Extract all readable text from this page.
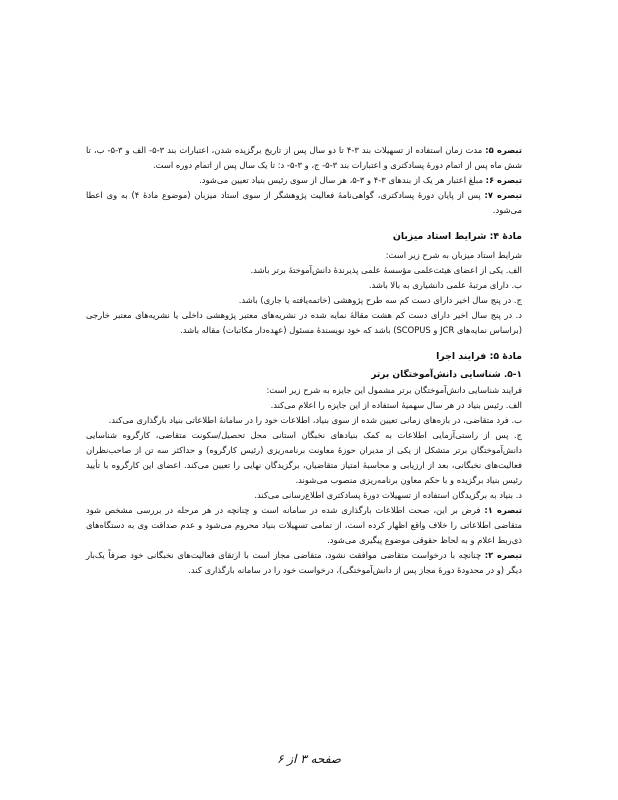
تبصره ۵: مدت زمان استفاده از تسهیلات بند ۳-۴ تا دو سال پس از تاریخ برگزیده شدن، اعتبارات بند ۳-۵- الف و ۳-۵- ب، تا شش ماه پس از اتمام دورهٔ پسادکتری و اعتبارات بند ۳-۵- ج، و ۳-۵- د: تا یک سال پس از اتمام دوره است.

تبصره ۶: مبلغ اعتبار هر یک از بندهای ۳-۴ و ۳-۵، هر سال از سوی رئیس بنیاد تعیین می‌شود.

تبصره ۷: پس از پایان دورهٔ پسادکتری، گواهی‌نامهٔ فعالیت پژوهشگر از سوی استاد میزبان (موضوع مادهٔ ۴) به وی اعطا می‌شود.

مادهٔ ۴: شرایط استاد میزبان

شرایط استاد میزبان به شرح زیر است:

الف. یکی از اعضای هیئت‌علمی مؤسسهٔ علمی پذیرندهٔ دانش‌آموختهٔ برتر باشد.

ب. دارای مرتبهٔ علمی دانشیاری به بالا باشد.

ج. در پنج سال اخیر دارای دست کم سه طرح پژوهشی (خاتمه‌یافته یا جاری) باشد.

د. در پنج سال اخیر دارای دست کم هشت مقالهٔ نمایه شده در نشریه‌های معتبر پژوهشی داخلی یا نشریه‌های معتبر خارجی (براساس نمایه‌های JCR و SCOPUS) باشد که خود نویسندهٔ مسئول (عهده‌دار مکاتبات) مقاله باشد.

مادهٔ ۵: فرایند اجرا
۵-۱. شناسایی دانش‌آموختگان برتر

فرایند شناسایی دانش‌آموختگان برتر مشمول این جایزه به شرح زیر است:

الف. رئیس بنیاد در هر سال سهمیهٔ استفاده از این جایزه را اعلام می‌کند.

ب. فرد متقاضی، در بازه‌های زمانی تعیین شده از سوی بنیاد، اطلاعات خود را در سامانهٔ اطلاعاتی بنیاد بارگذاری می‌کند.

ج. پس از راستی‌آزمایی اطلاعات به کمک بنیادهای نخبگان استانی محل تحصیل/سکونت متقاضی، کارگروه شناسایی دانش‌آموختگان برتر متشکل از یکی از مدیران حوزهٔ معاونت برنامه‌ریزی (رئیس کارگروه) و حداکثر سه تن از صاحب‌نظران فعالیت‌های نخبگانی، بعد از ارزیابی و محاسبهٔ امتیاز متقاضیان، برگزیدگان نهایی را تعیین می‌کند. اعضای این کارگروه با تأیید رئیس بنیاد برگزیده و با حکم معاون برنامه‌ریزی منصوب می‌شوند.

د. بنیاد به برگزیدگان استفاده از تسهیلات دورهٔ پسادکتری اطلاع‌رسانی می‌کند.

تبصره ۱: فرض بر این، صحت اطلاعات بارگذاری شده در سامانه است و چنانچه در هر مرحله در بررسی مشخص شود متقاضی اطلاعاتی را خلاف واقع اظهار کرده است، از تمامی تسهیلات بنیاد محروم می‌شود و عدم صداقت وی به دستگاه‌های ذی‌ربط اعلام و به لحاظ حقوقی موضوع پیگیری می‌شود.

تبصره ۲: چنانچه با درخواست متقاضی موافقت نشود، متقاضی مجاز است با ارتقای فعالیت‌های نخبگانی خود صرفاً یک‌بار دیگر (و در محدودهٔ دورهٔ مجاز پس از دانش‌آموختگی)، درخواست خود را در سامانه بارگذاری کند.

صفحه ۳ از ۶
